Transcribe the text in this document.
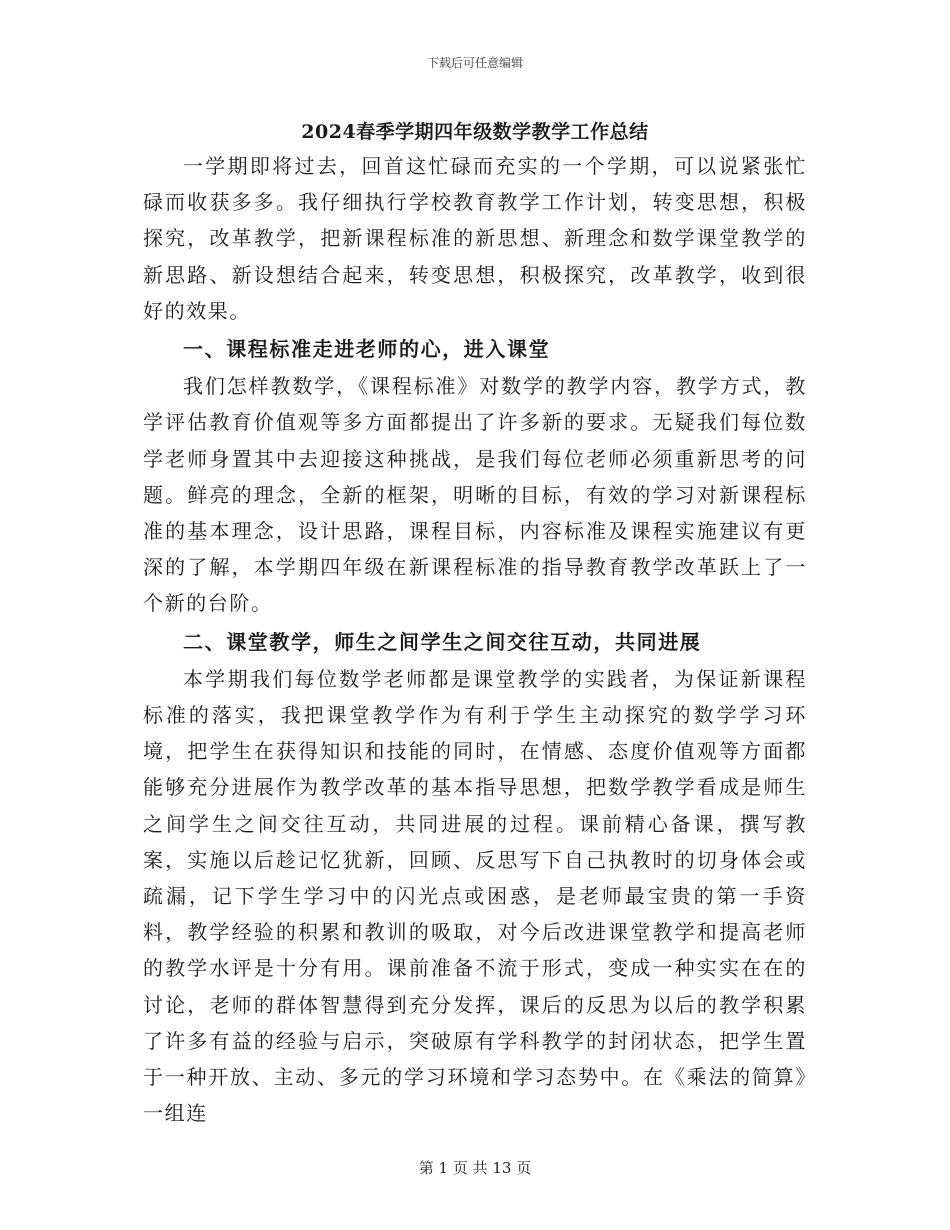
下载后可任意编辑
2024春季学期四年级数学教学工作总结

一学期即将过去，回首这忙碌而充实的一个学期，可以说紧张忙碌而收获多多。我仔细执行学校教育教学工作计划，转变思想，积极探究，改革教学，把新课程标准的新思想、新理念和数学课堂教学的新思路、新设想结合起来，转变思想，积极探究，改革教学，收到很好的效果。

一、课程标准走进老师的心，进入课堂

我们怎样教数学，《课程标准》对数学的教学内容，教学方式，教学评估教育价值观等多方面都提出了许多新的要求。无疑我们每位数学老师身置其中去迎接这种挑战，是我们每位老师必须重新思考的问题。鲜亮的理念，全新的框架，明晰的目标，有效的学习对新课程标准的基本理念，设计思路，课程目标，内容标准及课程实施建议有更深的了解，本学期四年级在新课程标准的指导教育教学改革跃上了一个新的台阶。

二、课堂教学，师生之间学生之间交往互动，共同进展

本学期我们每位数学老师都是课堂教学的实践者，为保证新课程标准的落实，我把课堂教学作为有利于学生主动探究的数学学习环境，把学生在获得知识和技能的同时，在情感、态度价值观等方面都能够充分进展作为教学改革的基本指导思想，把数学教学看成是师生之间学生之间交往互动，共同进展的过程。课前精心备课，撰写教案，实施以后趁记忆犹新，回顾、反思写下自己执教时的切身体会或疏漏，记下学生学习中的闪光点或困惑，是老师最宝贵的第一手资料，教学经验的积累和教训的吸取，对今后改进课堂教学和提高老师的教学水评是十分有用。课前准备不流于形式，变成一种实实在在的讨论，老师的群体智慧得到充分发挥，课后的反思为以后的教学积累了许多有益的经验与启示，突破原有学科教学的封闭状态，把学生置于一种开放、主动、多元的学习环境和学习态势中。在《乘法的简算》一组连

第 1 页 共 13 页
